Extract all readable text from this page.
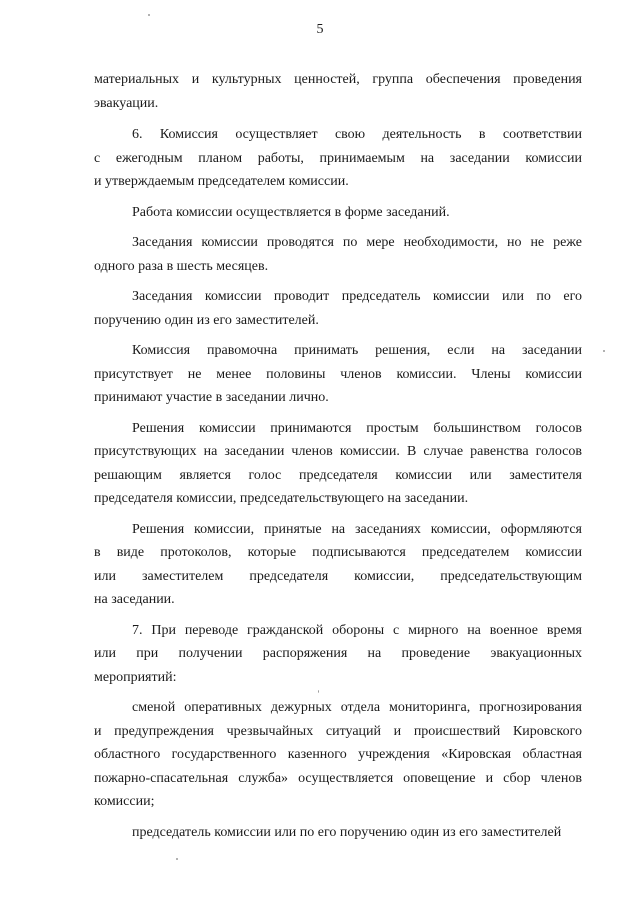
5
материальных и культурных ценностей, группа обеспечения проведения
эвакуации.
6. Комиссия осуществляет свою деятельность в соответствии
с ежегодным планом работы, принимаемым на заседании комиссии
и утверждаемым председателем комиссии.
Работа комиссии осуществляется в форме заседаний.
Заседания комиссии проводятся по мере необходимости, но не реже
одного раза в шесть месяцев.
Заседания комиссии проводит председатель комиссии или по его
поручению один из его заместителей.
Комиссия правомочна принимать решения, если на заседании
присутствует не менее половины членов комиссии. Члены комиссии
принимают участие в заседании лично.
Решения комиссии принимаются простым большинством голосов
присутствующих на заседании членов комиссии. В случае равенства голосов
решающим является голос председателя комиссии или заместителя
председателя комиссии, председательствующего на заседании.
Решения комиссии, принятые на заседаниях комиссии, оформляются
в виде протоколов, которые подписываются председателем комиссии
или заместителем председателя комиссии, председательствующим
на заседании.
7. При переводе гражданской обороны с мирного на военное время
или при получении распоряжения на проведение эвакуационных
мероприятий:
сменой оперативных дежурных отдела мониторинга, прогнозирования
и предупреждения чрезвычайных ситуаций и происшествий Кировского
областного государственного казенного учреждения «Кировская областная
пожарно-спасательная служба» осуществляется оповещение и сбор членов
комиссии;
председатель комиссии или по его поручению один из его заместителей
